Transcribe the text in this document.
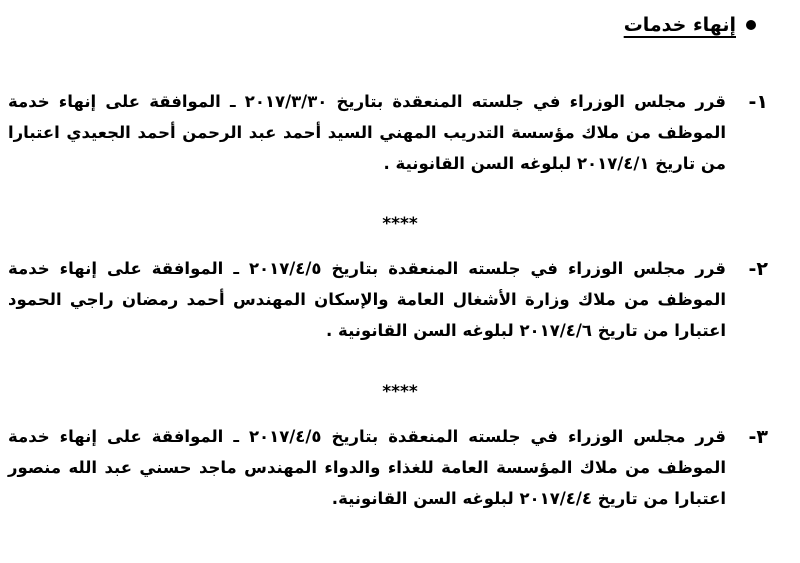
إنهاء خدمات
١-
قرر مجلس الوزراء في جلسته المنعقدة بتاريخ ٢٠١٧/٣/٣٠ ـ الموافقة على إنهاء خدمة الموظف من ملاك مؤسسة التدريب المهني السيد أحمد عبد الرحمن أحمد الجعيدي اعتبارا من تاريخ ٢٠١٧/٤/١ لبلوغه السن القانونية .
****
٢-
قرر مجلس الوزراء في جلسته المنعقدة بتاريخ ٢٠١٧/٤/٥ ـ الموافقة على إنهاء خدمة الموظف من ملاك وزارة الأشغال العامة والإسكان المهندس أحمد رمضان راجي الحمود اعتبارا من تاريخ ٢٠١٧/٤/٦ لبلوغه السن القانونية .
****
٣-
قرر مجلس الوزراء في جلسته المنعقدة بتاريخ ٢٠١٧/٤/٥ ـ الموافقة على إنهاء خدمة الموظف من ملاك المؤسسة العامة للغذاء والدواء المهندس ماجد حسني عبد الله منصور اعتبارا من تاريخ ٢٠١٧/٤/٤ لبلوغه السن القانونية.
